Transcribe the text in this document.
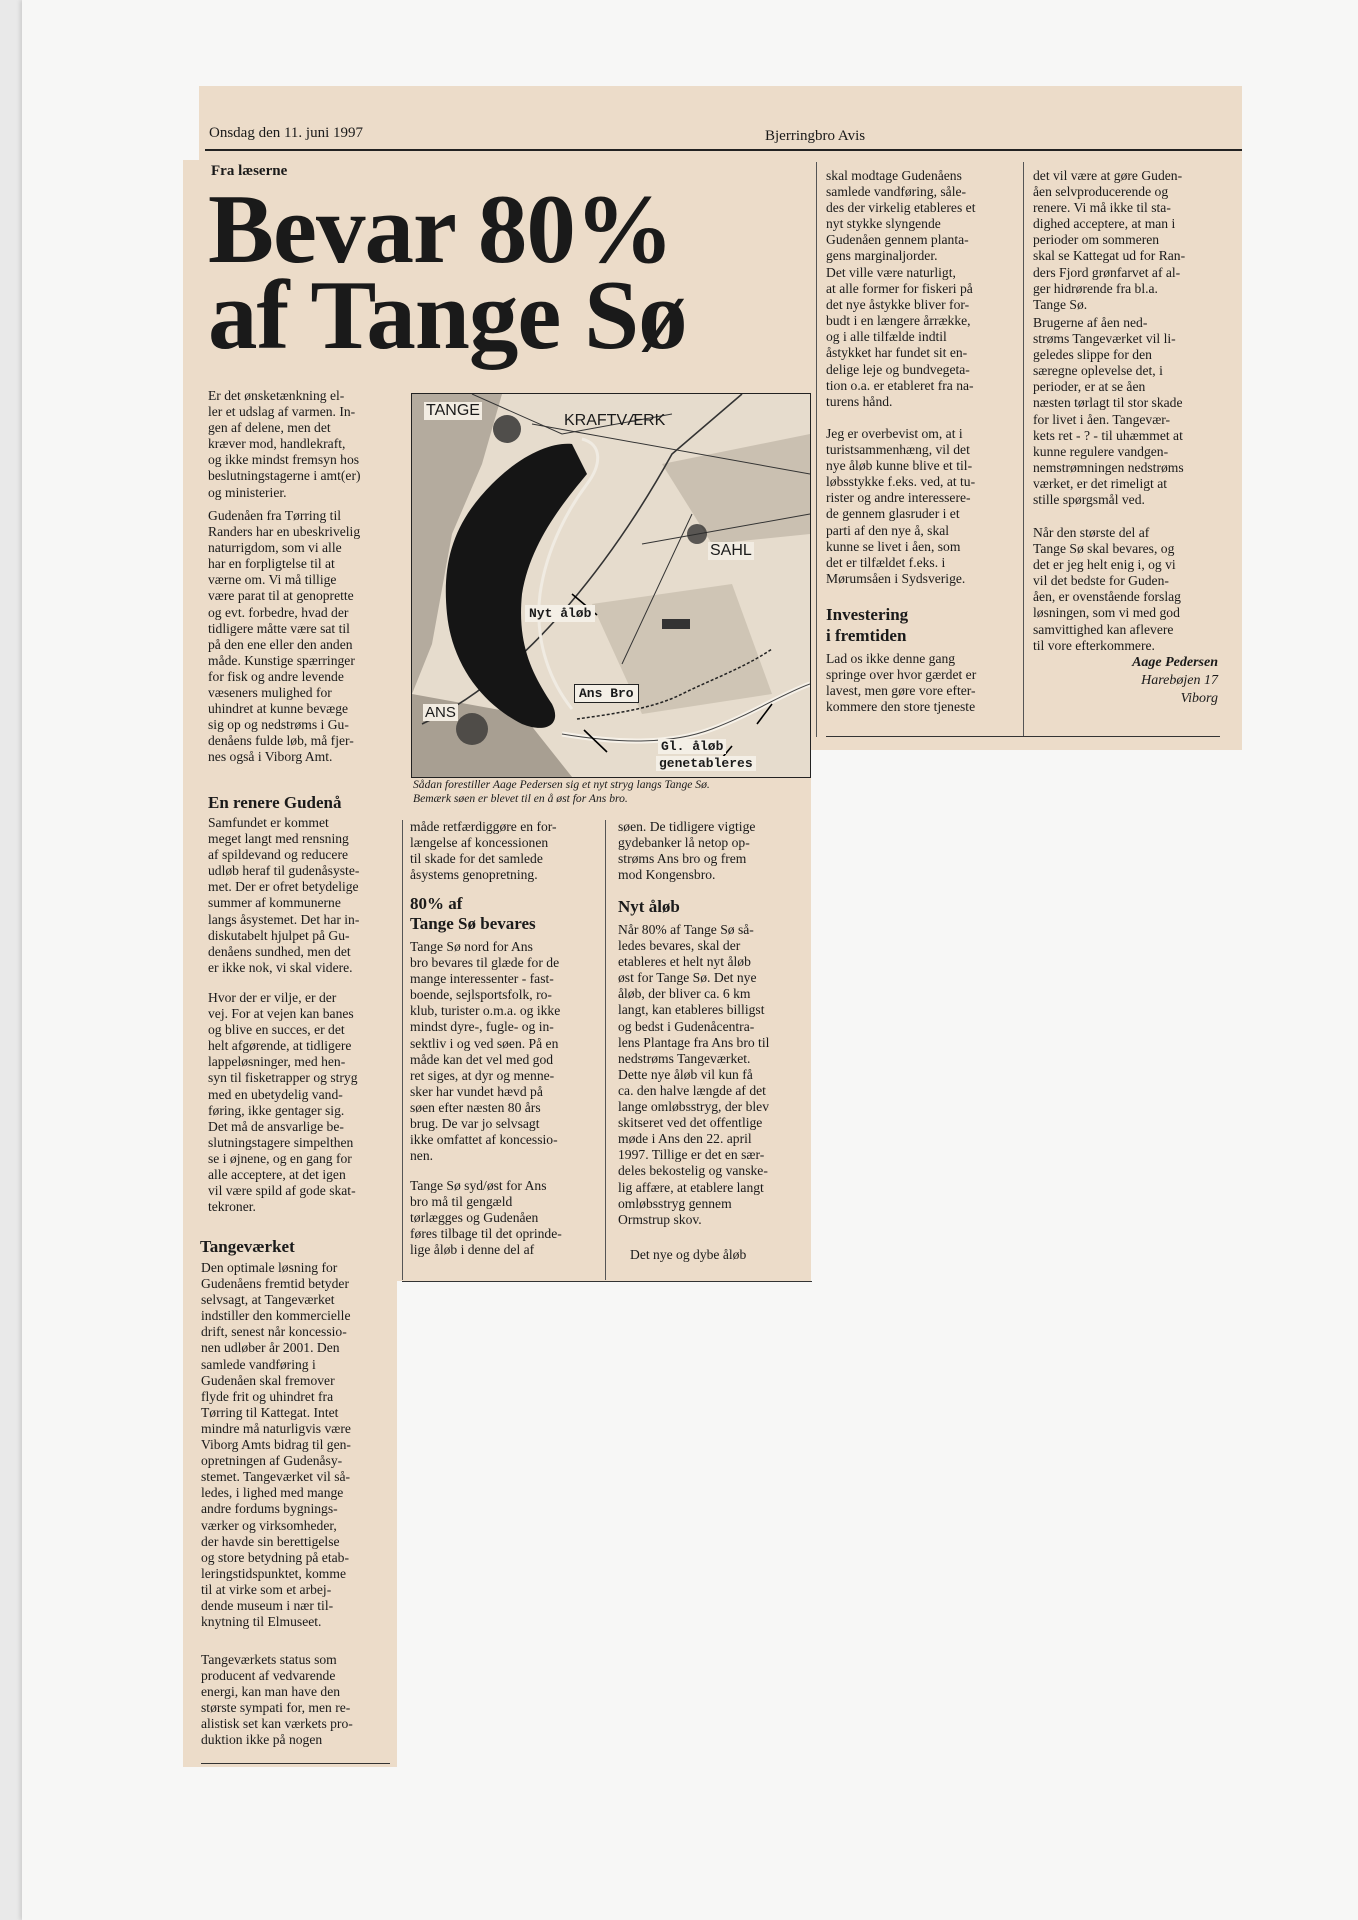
Onsdag den 11. juni 1997	Bjerringbro Avis
Fra læserne
Bevar 80%
af Tange Sø

Er det ønsketænkning el-
ler et udslag af varmen. In-
gen af delene, men det
kræver mod, handlekraft,
og ikke mindst fremsyn hos
beslutningstagerne i amt(er)
og ministerier.

Gudenåen fra Tørring til
Randers har en ubeskrivelig
naturrigdom, som vi alle
har en forpligtelse til at
værne om. Vi må tillige
være parat til at genoprette
og evt. forbedre, hvad der
tidligere måtte være sat til
på den ene eller den anden
måde. Kunstige spærringer
for fisk og andre levende
væseners mulighed for
uhindret at kunne bevæge
sig op og nedstrøms i Gu-
denåens fulde løb, må fjer-
nes også i Viborg Amt.

En renere Gudenå

Samfundet er kommet
meget langt med rensning
af spildevand og reducere
udløb heraf til gudenåsyste-
met. Der er ofret betydelige
summer af kommunerne
langs åsystemet. Det har in-
diskutabelt hjulpet på Gu-
denåens sundhed, men det
er ikke nok, vi skal videre.

Hvor der er vilje, er der
vej. For at vejen kan banes
og blive en succes, er det
helt afgørende, at tidligere
lappeløsninger, med hen-
syn til fisketrapper og stryg
med en ubetydelig vand-
føring, ikke gentager sig.
Det må de ansvarlige be-
slutningstagere simpelthen
se i øjnene, og en gang for
alle acceptere, at det igen
vil være spild af gode skat-
tekroner.

Tangeværket

Den optimale løsning for
Gudenåens fremtid betyder
selvsagt, at Tangeværket
indstiller den kommercielle
drift, senest når koncessio-
nen udløber år 2001. Den
samlede vandføring i
Gudenåen skal fremover
flyde frit og uhindret fra
Tørring til Kattegat. Intet
mindre må naturligvis være
Viborg Amts bidrag til gen-
opretningen af Gudenåsy-
stemet. Tangeværket vil så-
ledes, i lighed med mange
andre fordums bygnings-
værker og virksomheder,
der havde sin berettigelse
og store betydning på etab-
leringstidspunktet, komme
til at virke som et arbej-
dende museum i nær til-
knytning til Elmuseet.

Tangeværkets status som
producent af vedvarende
energi, kan man have den
største sympati for, men re-
alistisk set kan værkets pro-
duktion ikke på nogen

TANGE
KRAFTVÆRK
SAHL
Nyt åløb
Ans Bro
ANS
Gl. åløb
genetableres
Sådan forestiller Aage Pedersen sig et nyt stryg langs Tange Sø.
Bemærk søen er blevet til en å øst for Ans bro.

måde retfærdiggøre en for-
længelse af koncessionen
til skade for det samlede
åsystems genopretning.

80% af
Tange Sø bevares

Tange Sø nord for Ans
bro bevares til glæde for de
mange interessenter - fast-
boende, sejlsportsfolk, ro-
klub, turister o.m.a. og ikke
mindst dyre-, fugle- og in-
sektliv i og ved søen. På en
måde kan det vel med god
ret siges, at dyr og menne-
sker har vundet hævd på
søen efter næsten 80 års
brug. De var jo selvsagt
ikke omfattet af koncessio-
nen.

Tange Sø syd/øst for Ans
bro må til gengæld
tørlægges og Gudenåen
føres tilbage til det oprinde-
lige åløb i denne del af

søen. De tidligere vigtige
gydebanker lå netop op-
strøms Ans bro og frem
mod Kongensbro.

Nyt åløb

Når 80% af Tange Sø så-
ledes bevares, skal der
etableres et helt nyt åløb
øst for Tange Sø. Det nye
åløb, der bliver ca. 6 km
langt, kan etableres billigst
og bedst i Gudenåcentra-
lens Plantage fra Ans bro til
nedstrøms Tangeværket.
Dette nye åløb vil kun få
ca. den halve længde af det
lange omløbsstryg, der blev
skitseret ved det offentlige
møde i Ans den 22. april
1997. Tillige er det en sær-
deles bekostelig og vanske-
lig affære, at etablere langt
omløbsstryg gennem
Ormstrup skov.

Det nye og dybe åløb

skal modtage Gudenåens
samlede vandføring, såle-
des der virkelig etableres et
nyt stykke slyngende
Gudenåen gennem planta-
gens marginaljorder.

Det ville være naturligt,
at alle former for fiskeri på
det nye åstykke bliver for-
budt i en længere årrække,
og i alle tilfælde indtil
åstykket har fundet sit en-
delige leje og bundvegeta-
tion o.a. er etableret fra na-
turens hånd.

Jeg er overbevist om, at i
turistsammenhæng, vil det
nye åløb kunne blive et til-
løbsstykke f.eks. ved, at tu-
rister og andre interessere-
de gennem glasruder i et
parti af den nye å, skal
kunne se livet i åen, som
det er tilfældet f.eks. i
Mørumsåen i Sydsverige.

Investering
i fremtiden

Lad os ikke denne gang
springe over hvor gærdet er
lavest, men gøre vore efter-
kommere den store tjeneste

det vil være at gøre Guden-
åen selvproducerende og
renere. Vi må ikke til sta-
dighed acceptere, at man i
perioder om sommeren
skal se Kattegat ud for Ran-
ders Fjord grønfarvet af al-
ger hidrørende fra bl.a.
Tange Sø.

Brugerne af åen ned-
strøms Tangeværket vil li-
geledes slippe for den
særegne oplevelse det, i
perioder, er at se åen
næsten tørlagt til stor skade
for livet i åen. Tangevær-
kets ret - ? - til uhæmmet at
kunne regulere vandgen-
nemstrømningen nedstrøms
værket, er det rimeligt at
stille spørgsmål ved.

Når den største del af
Tange Sø skal bevares, og
det er jeg helt enig i, og vi
vil det bedste for Guden-
åen, er ovenstående forslag
løsningen, som vi med god
samvittighed kan aflevere
til vore efterkommere.

Aage Pedersen
Harebøjen 17
Viborg
